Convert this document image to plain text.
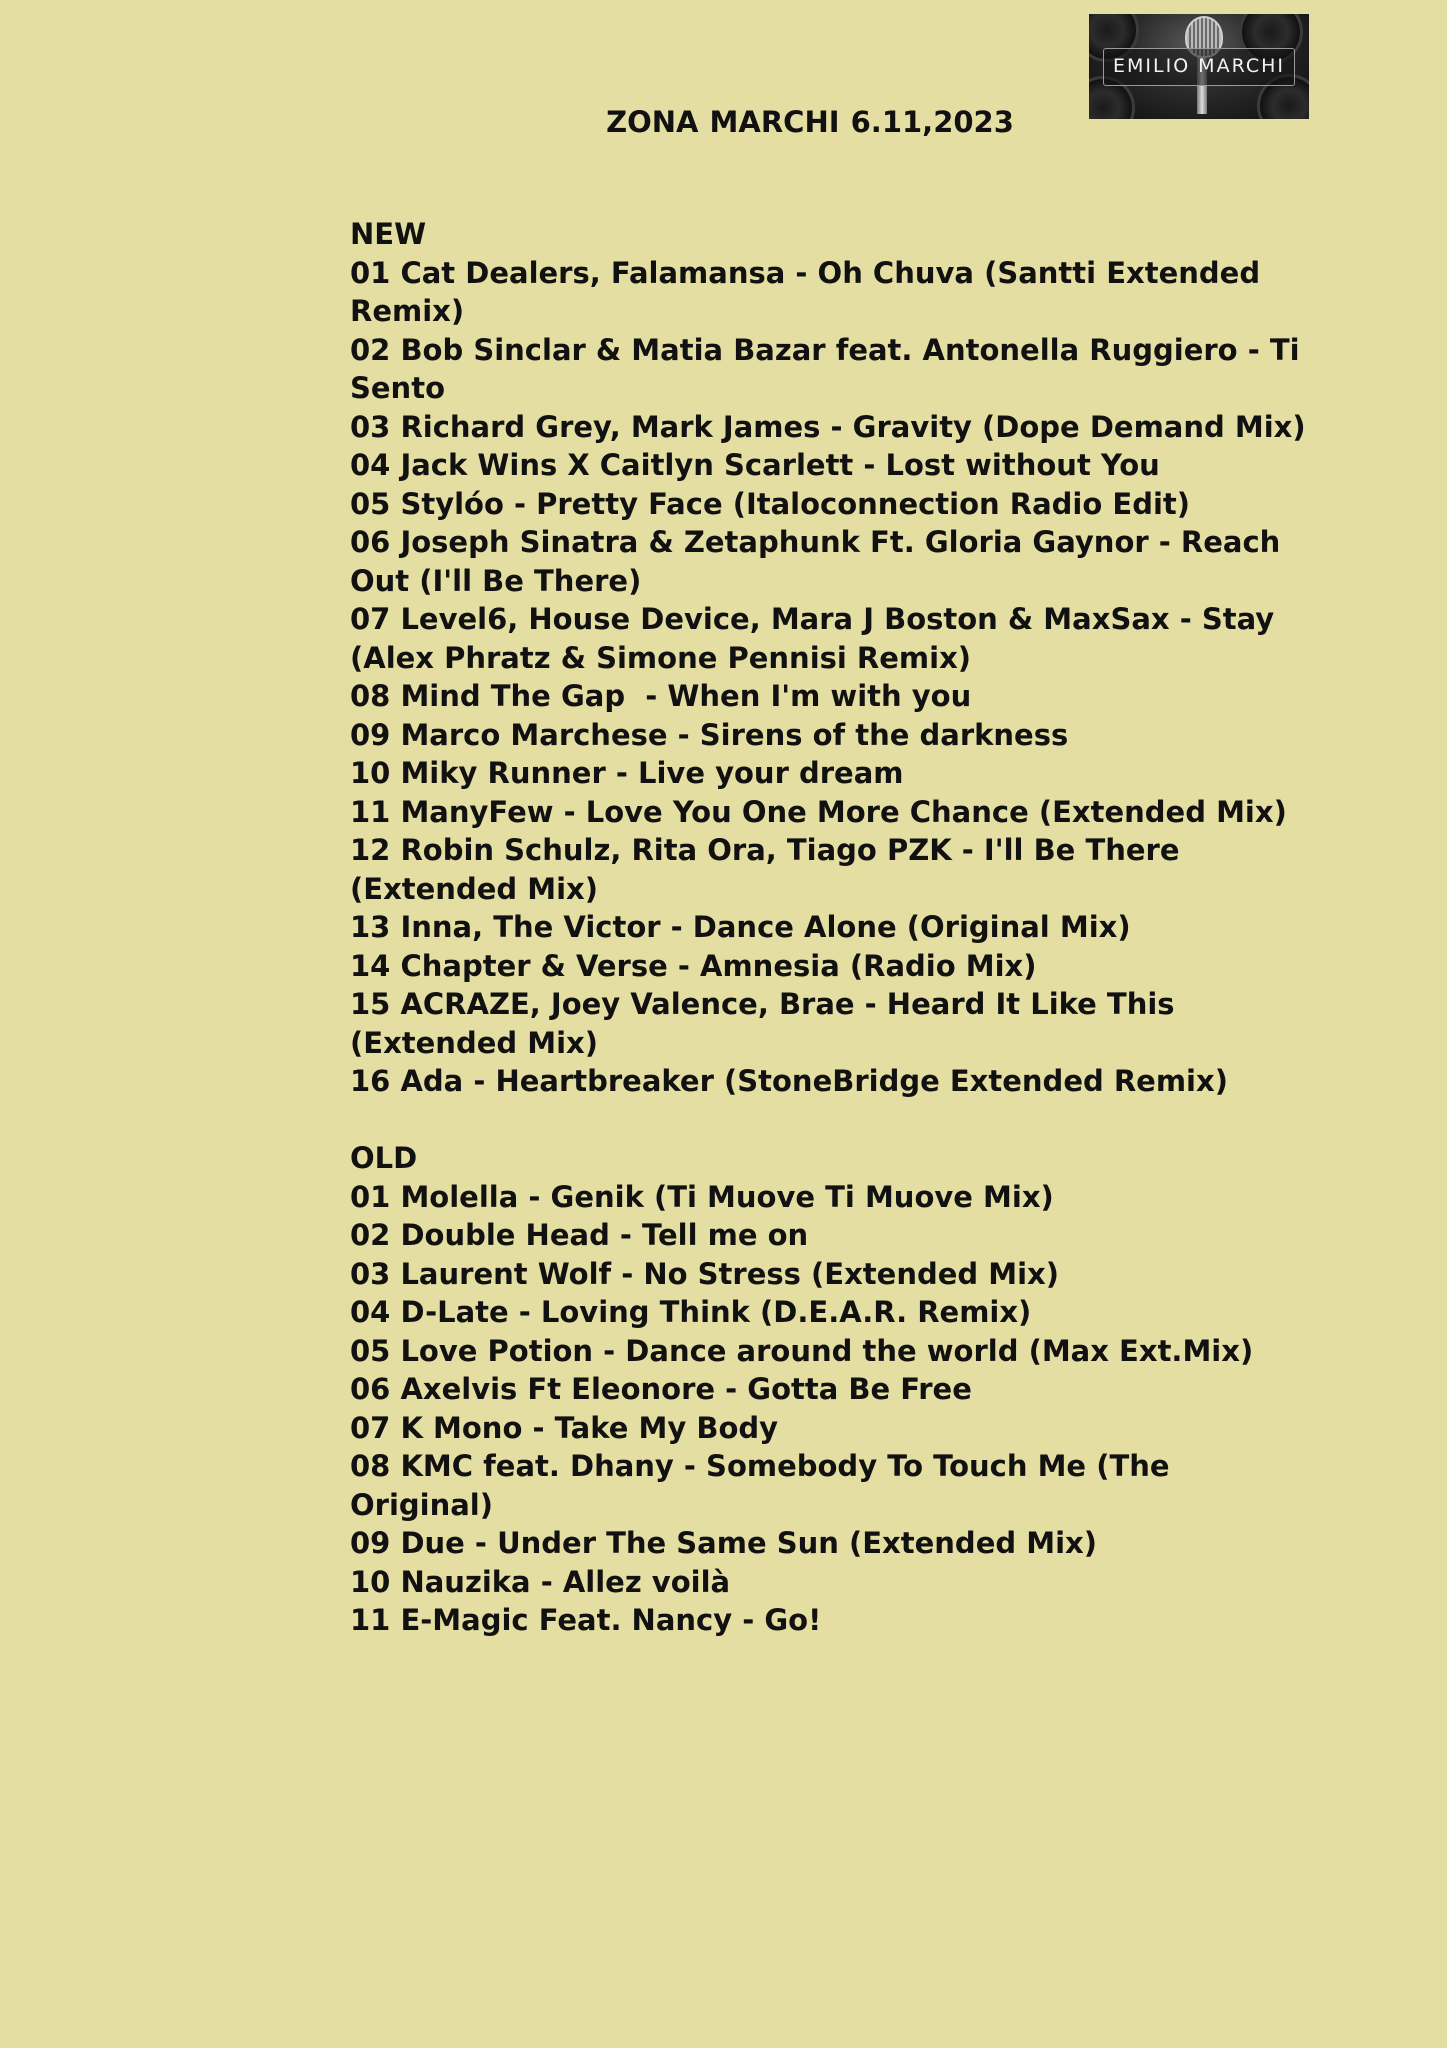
EMILIO MARCHI
ZONA MARCHI 6.11,2023
NEW
01 Cat Dealers, Falamansa - Oh Chuva (Santti Extended Remix)
02 Bob Sinclar & Matia Bazar feat. Antonella Ruggiero - Ti Sento
03 Richard Grey, Mark James - Gravity (Dope Demand Mix)
04 Jack Wins X Caitlyn Scarlett - Lost without You
05 Stylóo - Pretty Face (Italoconnection Radio Edit)
06 Joseph Sinatra & Zetaphunk Ft. Gloria Gaynor - Reach Out (I'll Be There)
07 Level6, House Device, Mara J Boston & MaxSax - Stay (Alex Phratz & Simone Pennisi Remix)
08 Mind The Gap  - When I'm with you
09 Marco Marchese - Sirens of the darkness
10 Miky Runner - Live your dream
11 ManyFew - Love You One More Chance (Extended Mix)
12 Robin Schulz, Rita Ora, Tiago PZK - I'll Be There  (Extended Mix)
13 Inna, The Victor - Dance Alone (Original Mix)
14 Chapter & Verse - Amnesia (Radio Mix)
15 ACRAZE, Joey Valence, Brae - Heard It Like This (Extended Mix)
16 Ada - Heartbreaker (StoneBridge Extended Remix)
OLD
01 Molella - Genik (Ti Muove Ti Muove Mix)
02 Double Head - Tell me on
03 Laurent Wolf - No Stress (Extended Mix)
04 D-Late - Loving Think (D.E.A.R. Remix)
05 Love Potion - Dance around the world (Max Ext.Mix)
06 Axelvis Ft Eleonore - Gotta Be Free
07 K Mono - Take My Body
08 KMC feat. Dhany - Somebody To Touch Me (The Original)
09 Due - Under The Same Sun (Extended Mix)
10 Nauzika - Allez voilà
11 E-Magic Feat. Nancy - Go!
